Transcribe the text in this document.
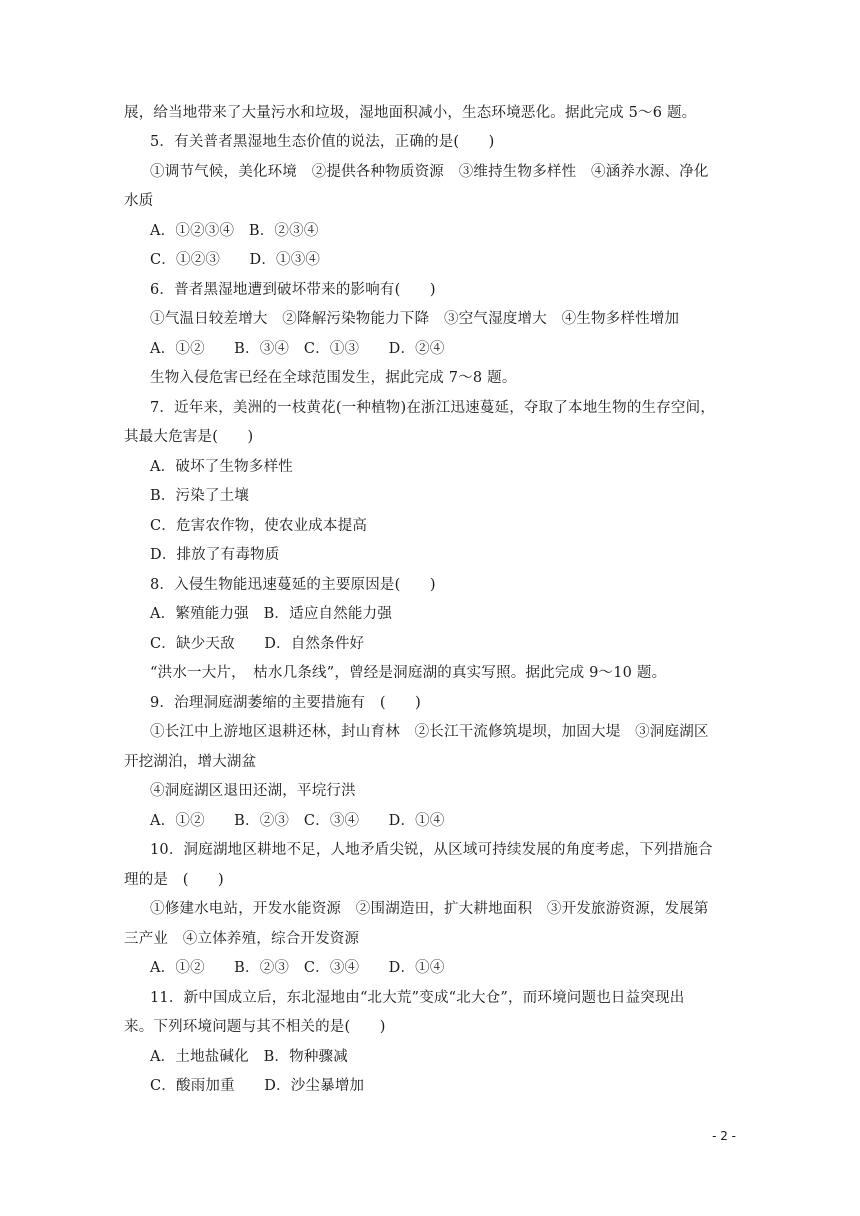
展，给当地带来了大量污水和垃圾，湿地面积减小，生态环境恶化。据此完成 5～6 题。
5．有关普者黑湿地生态价值的说法，正确的是(　　)
①调节气候，美化环境　②提供各种物质资源　③维持生物多样性　④涵养水源、净化
水质
A．①②③④　B．②③④
C．①②③　　D．①③④
6．普者黑湿地遭到破坏带来的影响有(　　)
①气温日较差增大　②降解污染物能力下降　③空气湿度增大　④生物多样性增加
A．①②　　B．③④　C．①③　　D．②④
生物入侵危害已经在全球范围发生，据此完成 7～8 题。
7．近年来，美洲的一枝黄花(一种植物)在浙江迅速蔓延，夺取了本地生物的生存空间，
其最大危害是(　　)
A．破坏了生物多样性
B．污染了土壤
C．危害农作物，使农业成本提高
D．排放了有毒物质
8．入侵生物能迅速蔓延的主要原因是(　　)
A．繁殖能力强　B．适应自然能力强
C．缺少天敌　　D．自然条件好
“洪水一大片，　枯水几条线”，曾经是洞庭湖的真实写照。据此完成 9～10 题。
9．治理洞庭湖萎缩的主要措施有　(　　)
①长江中上游地区退耕还林，封山育林　②长江干流修筑堤坝，加固大堤　③洞庭湖区
开挖湖泊，增大湖盆
④洞庭湖区退田还湖，平垸行洪
A．①②　　B．②③　C．③④　　D．①④
10．洞庭湖地区耕地不足，人地矛盾尖锐，从区域可持续发展的角度考虑，下列措施合
理的是　(　　)
①修建水电站，开发水能资源　②围湖造田，扩大耕地面积　③开发旅游资源，发展第
三产业　④立体养殖，综合开发资源
A．①②　　B．②③　C．③④　　D．①④
11．新中国成立后，东北湿地由“北大荒”变成“北大仓”，而环境问题也日益突现出
来。下列环境问题与其不相关的是(　　)
A．土地盐碱化　B．物种骤减
C．酸雨加重　　D．沙尘暴增加
- 2 -
